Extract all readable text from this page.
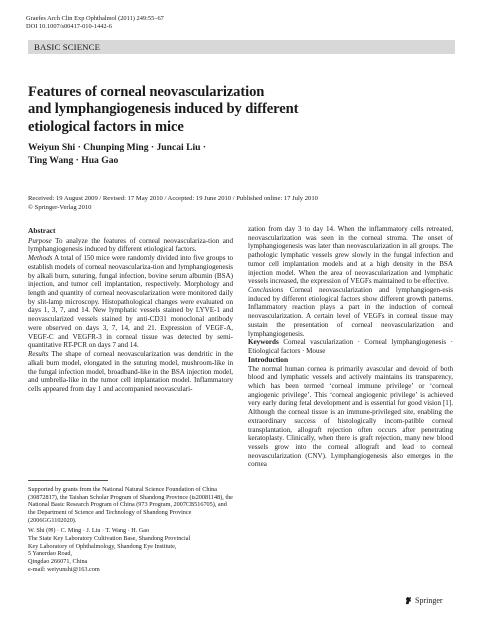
Graefes Arch Clin Exp Ophthalmol (2011) 249:55–67
DOI 10.1007/s00417-010-1442-6
BASIC SCIENCE
Features of corneal neovascularization
and lymphangiogenesis induced by different
etiological factors in mice
Weiyun Shi · Chunping Ming · Juncai Liu ·
Ting Wang · Hua Gao
Received: 19 August 2009 / Revised: 17 May 2010 / Accepted: 19 June 2010 / Published online: 17 July 2010
© Springer-Verlag 2010

Abstract

Purpose To analyze the features of corneal neovasculariza-tion and lymphangiogenesis induced by different etiological factors.

Methods A total of 150 mice were randomly divided into five groups to establish models of corneal neovasculariza-tion and lymphangiogenesis by alkali burn, suturing, fungal infection, bovine serum albumin (BSA) injection, and tumor cell implantation, respectively. Morphology and length and quantity of corneal neovascularization were monitored daily by slit-lamp microscopy. Histopathological changes were evaluated on days 1, 3, 7, and 14. New lymphatic vessels stained by LYVE-1 and neovascularized vessels stained by anti-CD31 monoclonal antibody were observed on days 3, 7, 14, and 21. Expression of VEGF-A, VEGF-C and VEGFR-3 in corneal tissue was detected by semi-quantitative RT-PCR on days 7 and 14.

Results The shape of corneal neovascularization was dendritic in the alkali burn model, elongated in the suturing model, mushroom-like in the fungal infection model, broadband-like in the BSA injection model, and umbrella-like in the tumor cell implantation model. Inflammatory cells appeared from day 1 and accompanied neovasculari-

Supported by grants from the National Natural Science Foundation of China (30872817), the Taishan Scholar Program of Shandong Province (ts20081148), the National Basic Research Program of China (973 Program, 2007CB516705), and the Department of Science and Technology of Shandong Province (2006GG1102020).

W. Shi (✉) · C. Ming · J. Liu · T. Wang · H. Gao
The State Key Laboratory Cultivation Base, Shandong Provincial
Key Laboratory of Ophthalmology, Shandong Eye Institute,
5 Yanerdao Road,
Qingdao 266071, China
e-mail: weiyunshi@163.com

zation from day 3 to day 14. When the inflammatory cells retreated, neovascularization was seen in the corneal stroma. The onset of lymphangiogenesis was later than neovascularization in all groups. The pathologic lymphatic vessels grew slowly in the fungal infection and tumor cell implantation models and at a high density in the BSA injection model. When the area of neovascularization and lymphatic vessels increased, the expression of VEGFs maintained to be effective.

Conclusions Corneal neovascularization and lymphangiogen-esis induced by different etiological factors show different growth patterns. Inflammatory reaction plays a part in the induction of corneal neovascularization. A certain level of VEGFs in corneal tissue may sustain the presentation of corneal neovascularization and lymphangiogenesis.

Keywords Corneal vascularization · Corneal lymphangiogenesis · Etiological factors · Mouse

Introduction

The normal human cornea is primarily avascular and devoid of both blood and lymphatic vessels and actively maintains its transparency, which has been termed ‘corneal immune privilege’ or ‘corneal angiogenic privilege’. This ‘corneal angiogenic privilege’ is achieved very early during fetal development and is essential for good vision [1]. Although the corneal tissue is an immune-privileged site, enabling the extraordinary success of histologically incom-patible corneal transplantation, allograft rejection often occurs after penetrating keratoplasty. Clinically, when there is graft rejection, many new blood vessels grow into the corneal allograft and lead to corneal neovascularization (CNV). Lymphangiogenesis also emerges in the cornea

Springer
